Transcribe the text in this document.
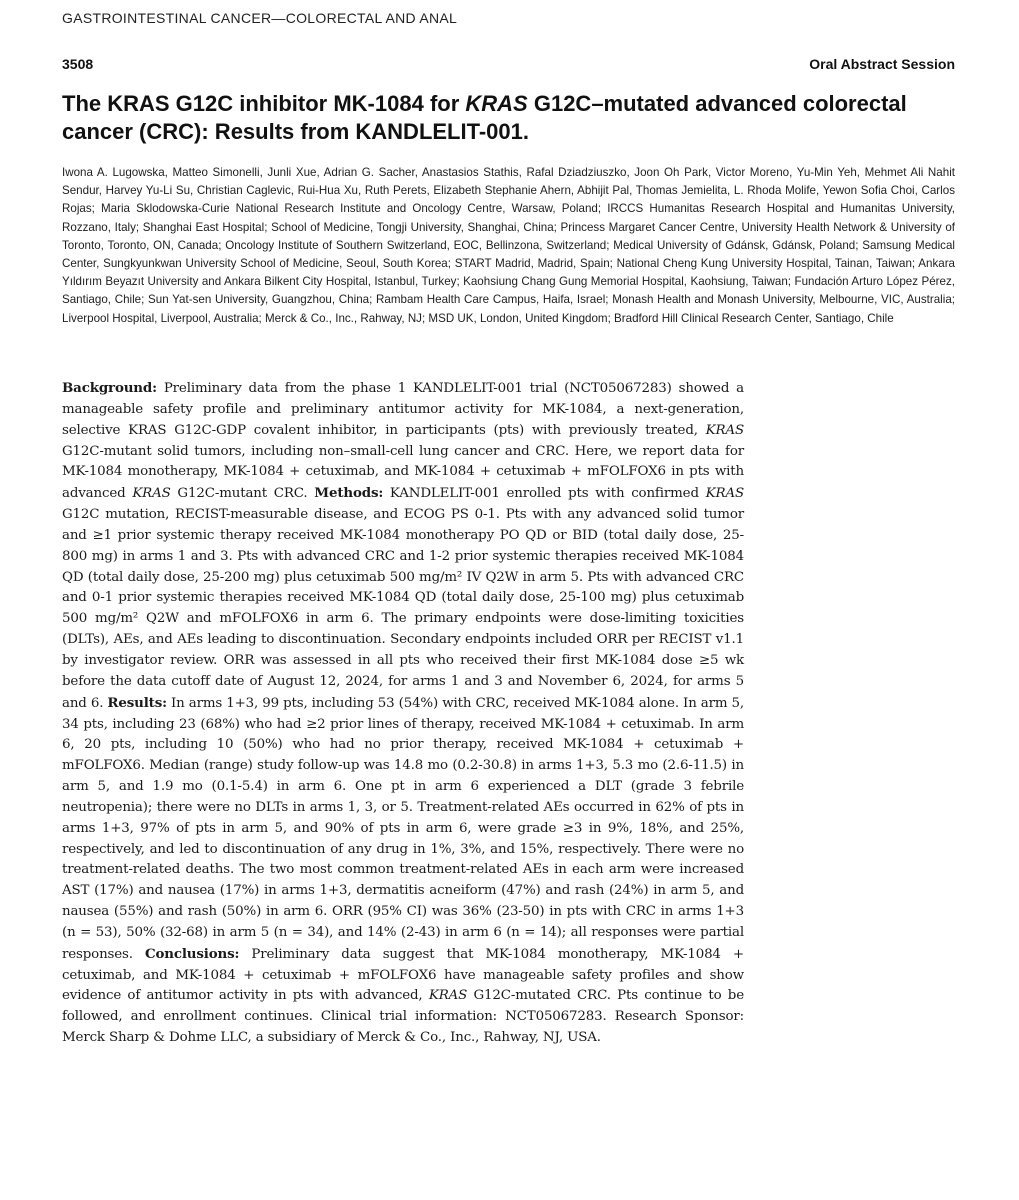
GASTROINTESTINAL CANCER—COLORECTAL AND ANAL
3508	Oral Abstract Session
The KRAS G12C inhibitor MK-1084 for KRAS G12C–mutated advanced colorectal cancer (CRC): Results from KANDLELIT-001.

Iwona A. Lugowska, Matteo Simonelli, Junli Xue, Adrian G. Sacher, Anastasios Stathis, Rafal Dziadziuszko, Joon Oh Park, Victor Moreno, Yu-Min Yeh, Mehmet Ali Nahit Sendur, Harvey Yu-Li Su, Christian Caglevic, Rui-Hua Xu, Ruth Perets, Elizabeth Stephanie Ahern, Abhijit Pal, Thomas Jemielita, L. Rhoda Molife, Yewon Sofia Choi, Carlos Rojas; Maria Sklodowska-Curie National Research Institute and Oncology Centre, Warsaw, Poland; IRCCS Humanitas Research Hospital and Humanitas University, Rozzano, Italy; Shanghai East Hospital; School of Medicine, Tongji University, Shanghai, China; Princess Margaret Cancer Centre, University Health Network & University of Toronto, Toronto, ON, Canada; Oncology Institute of Southern Switzerland, EOC, Bellinzona, Switzerland; Medical University of Gdánsk, Gdánsk, Poland; Samsung Medical Center, Sungkyunkwan University School of Medicine, Seoul, South Korea; START Madrid, Madrid, Spain; National Cheng Kung University Hospital, Tainan, Taiwan; Ankara Yıldırım Beyazıt University and Ankara Bilkent City Hospital, Istanbul, Turkey; Kaohsiung Chang Gung Memorial Hospital, Kaohsiung, Taiwan; Fundación Arturo López Pérez, Santiago, Chile; Sun Yat-sen University, Guangzhou, China; Rambam Health Care Campus, Haifa, Israel; Monash Health and Monash University, Melbourne, VIC, Australia; Liverpool Hospital, Liverpool, Australia; Merck & Co., Inc., Rahway, NJ; MSD UK, London, United Kingdom; Bradford Hill Clinical Research Center, Santiago, Chile

Background: Preliminary data from the phase 1 KANDLELIT-001 trial (NCT05067283) showed a manageable safety profile and preliminary antitumor activity for MK-1084, a next-generation, selective KRAS G12C-GDP covalent inhibitor, in participants (pts) with previously treated, KRAS G12C-mutant solid tumors, including non–small-cell lung cancer and CRC. Here, we report data for MK-1084 monotherapy, MK-1084 + cetuximab, and MK-1084 + cetuximab + mFOLFOX6 in pts with advanced KRAS G12C-mutant CRC. Methods: KANDLELIT-001 enrolled pts with confirmed KRAS G12C mutation, RECIST-measurable disease, and ECOG PS 0-1. Pts with any advanced solid tumor and ≥1 prior systemic therapy received MK-1084 monotherapy PO QD or BID (total daily dose, 25-800 mg) in arms 1 and 3. Pts with advanced CRC and 1-2 prior systemic therapies received MK-1084 QD (total daily dose, 25-200 mg) plus cetuximab 500 mg/m² IV Q2W in arm 5. Pts with advanced CRC and 0-1 prior systemic therapies received MK-1084 QD (total daily dose, 25-100 mg) plus cetuximab 500 mg/m² Q2W and mFOLFOX6 in arm 6. The primary endpoints were dose-limiting toxicities (DLTs), AEs, and AEs leading to discontinuation. Secondary endpoints included ORR per RECIST v1.1 by investigator review. ORR was assessed in all pts who received their first MK-1084 dose ≥5 wk before the data cutoff date of August 12, 2024, for arms 1 and 3 and November 6, 2024, for arms 5 and 6. Results: In arms 1+3, 99 pts, including 53 (54%) with CRC, received MK-1084 alone. In arm 5, 34 pts, including 23 (68%) who had ≥2 prior lines of therapy, received MK-1084 + cetuximab. In arm 6, 20 pts, including 10 (50%) who had no prior therapy, received MK-1084 + cetuximab + mFOLFOX6. Median (range) study follow-up was 14.8 mo (0.2-30.8) in arms 1+3, 5.3 mo (2.6-11.5) in arm 5, and 1.9 mo (0.1-5.4) in arm 6. One pt in arm 6 experienced a DLT (grade 3 febrile neutropenia); there were no DLTs in arms 1, 3, or 5. Treatment-related AEs occurred in 62% of pts in arms 1+3, 97% of pts in arm 5, and 90% of pts in arm 6, were grade ≥3 in 9%, 18%, and 25%, respectively, and led to discontinuation of any drug in 1%, 3%, and 15%, respectively. There were no treatment-related deaths. The two most common treatment-related AEs in each arm were increased AST (17%) and nausea (17%) in arms 1+3, dermatitis acneiform (47%) and rash (24%) in arm 5, and nausea (55%) and rash (50%) in arm 6. ORR (95% CI) was 36% (23-50) in pts with CRC in arms 1+3 (n = 53), 50% (32-68) in arm 5 (n = 34), and 14% (2-43) in arm 6 (n = 14); all responses were partial responses. Conclusions: Preliminary data suggest that MK-1084 monotherapy, MK-1084 + cetuximab, and MK-1084 + cetuximab + mFOLFOX6 have manageable safety profiles and show evidence of antitumor activity in pts with advanced, KRAS G12C-mutated CRC. Pts continue to be followed, and enrollment continues. Clinical trial information: NCT05067283. Research Sponsor: Merck Sharp & Dohme LLC, a subsidiary of Merck & Co., Inc., Rahway, NJ, USA.
